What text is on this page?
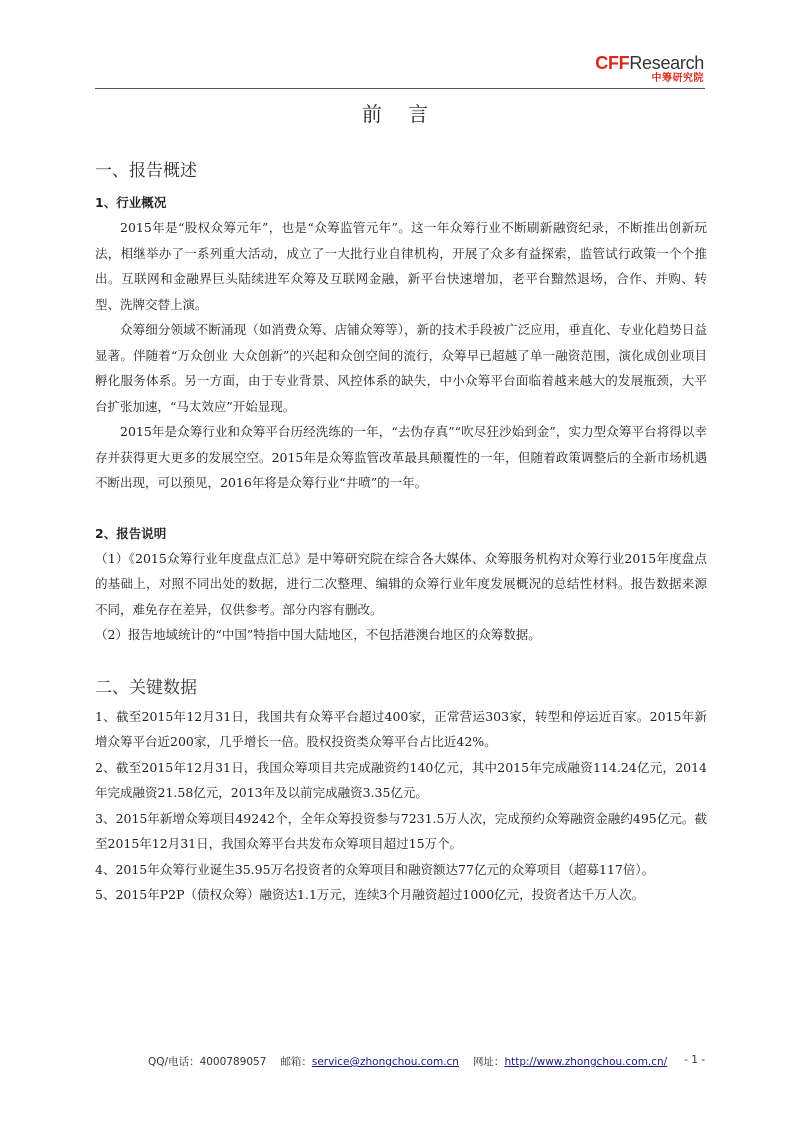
CFFResearch
中筹研究院
前 言
一、报告概述
1、行业概况
2015年是“股权众筹元年”，也是“众筹监管元年”。这一年众筹行业不断刷新融资纪录，不断推出创新玩法，相继举办了一系列重大活动，成立了一大批行业自律机构，开展了众多有益探索，监管试行政策一个个推出。互联网和金融界巨头陆续进军众筹及互联网金融，新平台快速增加，老平台黯然退场，合作、并购、转型、洗牌交替上演。
众筹细分领域不断涌现（如消费众筹、店铺众筹等），新的技术手段被广泛应用，垂直化、专业化趋势日益显著。伴随着“万众创业 大众创新”的兴起和众创空间的流行，众筹早已超越了单一融资范围，演化成创业项目孵化服务体系。另一方面，由于专业背景、风控体系的缺失，中小众筹平台面临着越来越大的发展瓶颈，大平台扩张加速，“马太效应”开始显现。
2015年是众筹行业和众筹平台历经洗练的一年，“去伪存真”“吹尽狂沙始到金”，实力型众筹平台将得以幸存并获得更大更多的发展空空。2015年是众筹监管改革最具颠覆性的一年，但随着政策调整后的全新市场机遇不断出现，可以预见，2016年将是众筹行业“井喷”的一年。
2、报告说明
（1）《2015众筹行业年度盘点汇总》是中筹研究院在综合各大媒体、众筹服务机构对众筹行业2015年度盘点的基础上，对照不同出处的数据，进行二次整理、编辑的众筹行业年度发展概况的总结性材料。报告数据来源不同，难免存在差异，仅供参考。部分内容有删改。
（2）报告地域统计的“中国”特指中国大陆地区，不包括港澳台地区的众筹数据。
二、关键数据
1、截至2015年12月31日，我国共有众筹平台超过400家，正常营运303家，转型和停运近百家。2015年新增众筹平台近200家，几乎增长一倍。股权投资类众筹平台占比近42%。
2、截至2015年12月31日，我国众筹项目共完成融资约140亿元，其中2015年完成融资114.24亿元，2014年完成融资21.58亿元，2013年及以前完成融资3.35亿元。
3、2015年新增众筹项目49242个，全年众筹投资参与7231.5万人次，完成预约众筹融资金融约495亿元。截至2015年12月31日，我国众筹平台共发布众筹项目超过15万个。
4、2015年众筹行业诞生35.95万名投资者的众筹项目和融资额达77亿元的众筹项目（超募117倍）。
5、2015年P2P（债权众筹）融资达1.1万元，连续3个月融资超过1000亿元，投资者达千万人次。
QQ/电话：4000789057 邮箱：service@zhongchou.com.cn 网址：http://www.zhongchou.com.cn/	- 1 -
